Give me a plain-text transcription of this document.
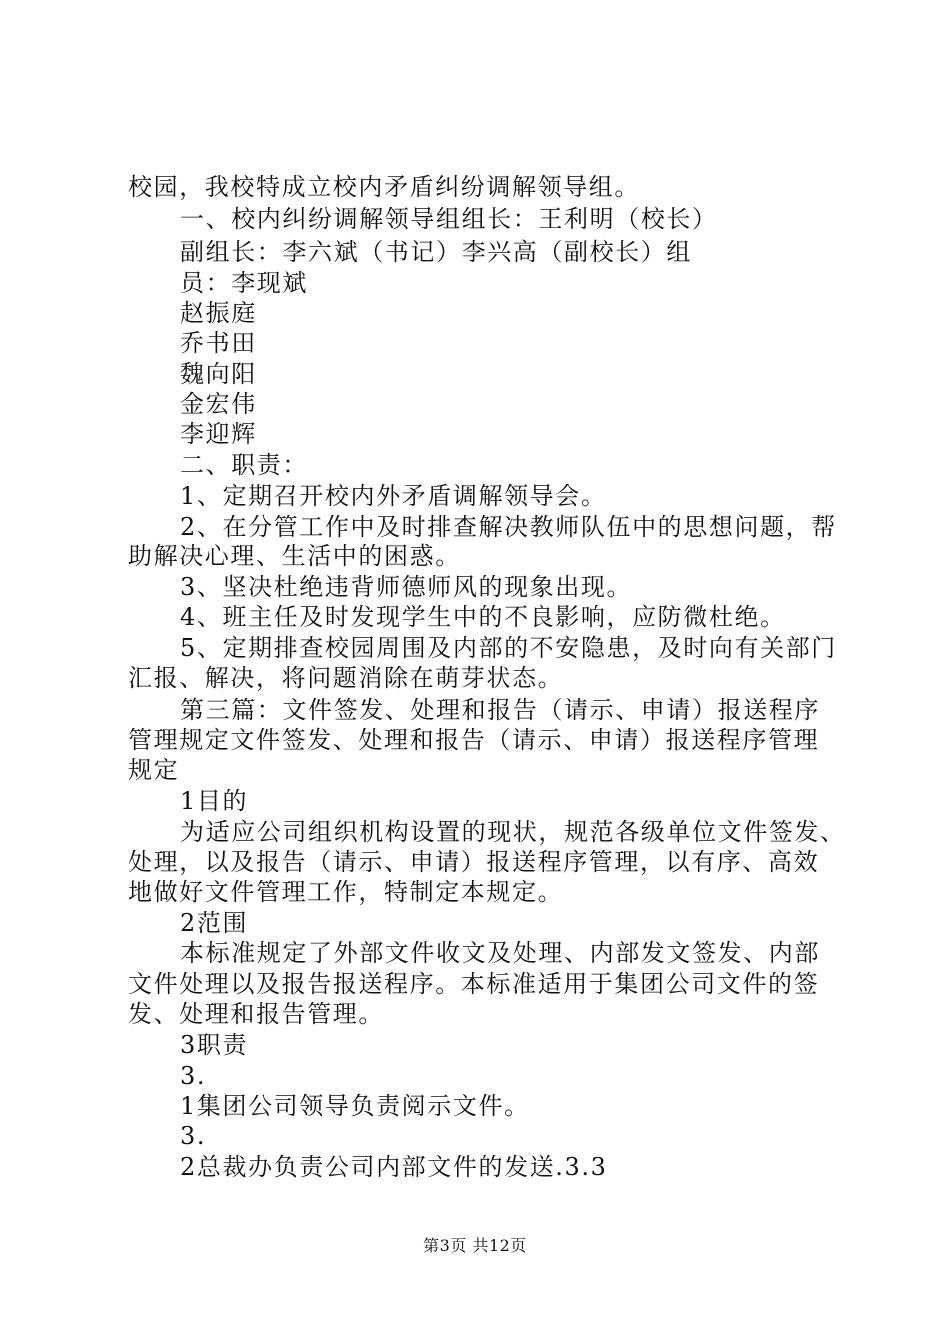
校园，我校特成立校内矛盾纠纷调解领导组。
一、校内纠纷调解领导组组长：王利明（校长）
副组长：李六斌（书记）李兴高（副校长）组
员：李现斌
赵振庭
乔书田
魏向阳
金宏伟
李迎辉
二、职责：
1、定期召开校内外矛盾调解领导会。
2、在分管工作中及时排查解决教师队伍中的思想问题，帮
助解决心理、生活中的困惑。
3、坚决杜绝违背师德师风的现象出现。
4、班主任及时发现学生中的不良影响，应防微杜绝。
5、定期排查校园周围及内部的不安隐患，及时向有关部门
汇报、解决，将问题消除在萌芽状态。
第三篇：文件签发、处理和报告（请示、申请）报送程序
管理规定文件签发、处理和报告（请示、申请）报送程序管理
规定
1目的
为适应公司组织机构设置的现状，规范各级单位文件签发、
处理，以及报告（请示、申请）报送程序管理，以有序、高效
地做好文件管理工作，特制定本规定。
2范围
本标准规定了外部文件收文及处理、内部发文签发、内部
文件处理以及报告报送程序。本标准适用于集团公司文件的签
发、处理和报告管理。
3职责
3.
1集团公司领导负责阅示文件。
3.
2总裁办负责公司内部文件的发送.3.3
第3页 共12页
